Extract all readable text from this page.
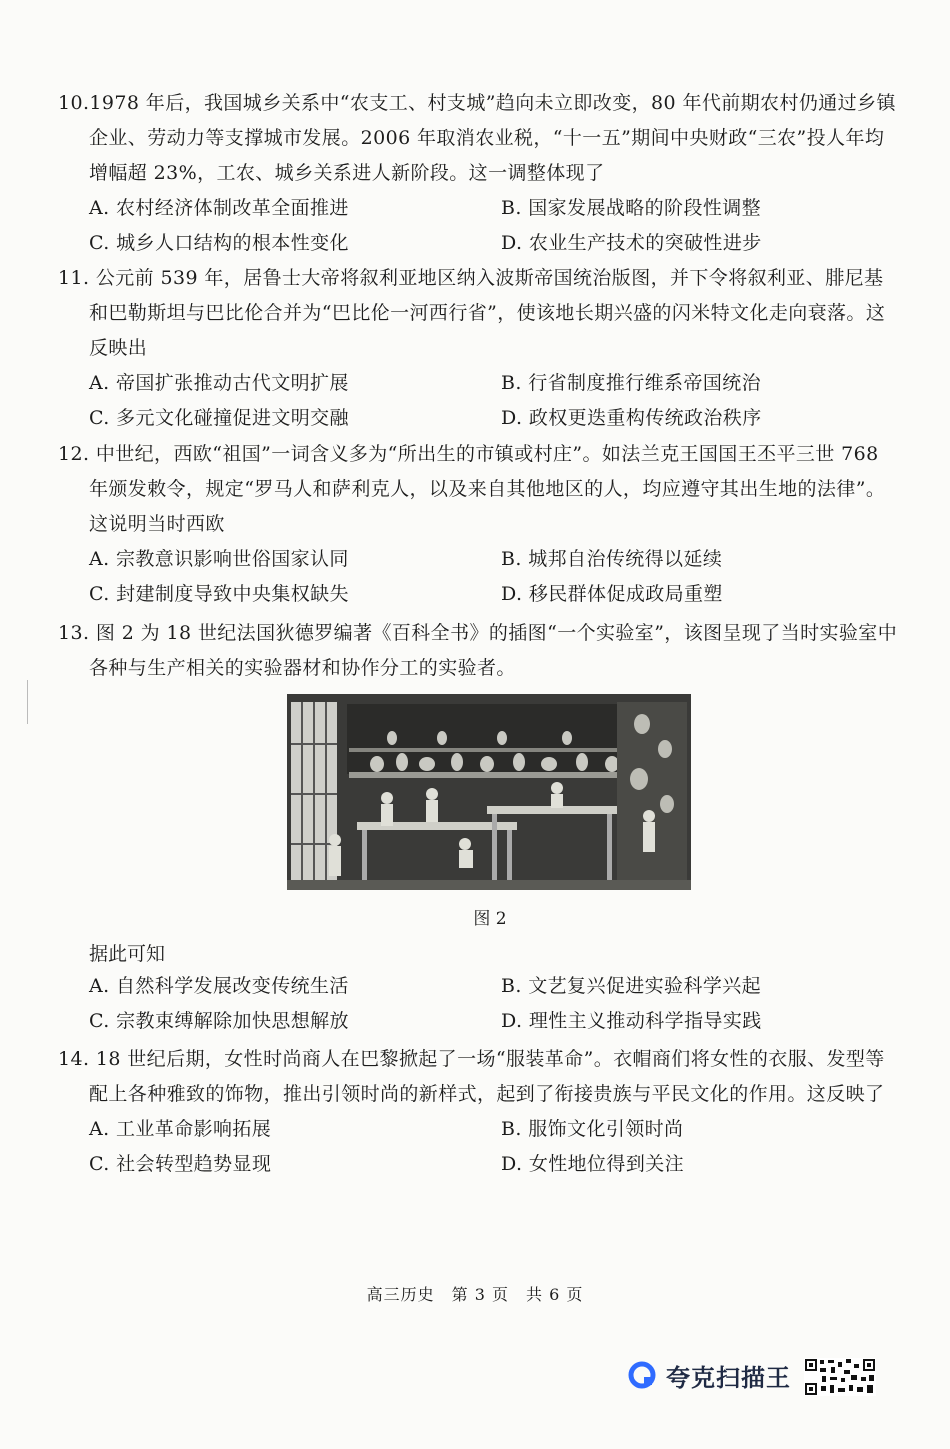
10.1978 年后，我国城乡关系中“农支工、村支城”趋向未立即改变，80 年代前期农村仍通过乡镇企业、劳动力等支撑城市发展。2006 年取消农业税，“十一五”期间中央财政“三农”投人年均增幅超 23%，工农、城乡关系进人新阶段。这一调整体现了

A. 农村经济体制改革全面推进	B. 国家发展战略的阶段性调整
C. 城乡人口结构的根本性变化	D. 农业生产技术的突破性进步

11. 公元前 539 年，居鲁士大帝将叙利亚地区纳入波斯帝国统治版图，并下令将叙利亚、腓尼基和巴勒斯坦与巴比伦合并为“巴比伦一河西行省”，使该地长期兴盛的闪米特文化走向衰落。这反映出

A. 帝国扩张推动古代文明扩展	B. 行省制度推行维系帝国统治
C. 多元文化碰撞促进文明交融	D. 政权更迭重构传统政治秩序

12. 中世纪，西欧“祖国”一词含义多为“所出生的市镇或村庄”。如法兰克王国国王丕平三世 768 年颁发敕令，规定“罗马人和萨利克人，以及来自其他地区的人，均应遵守其出生地的法律”。这说明当时西欧

A. 宗教意识影响世俗国家认同	B. 城邦自治传统得以延续
C. 封建制度导致中央集权缺失	D. 移民群体促成政局重塑

13. 图 2 为 18 世纪法国狄德罗编著《百科全书》的插图“一个实验室”，该图呈现了当时实验室中各种与生产相关的实验器材和协作分工的实验者。

图 2
据此可知
A. 自然科学发展改变传统生活	B. 文艺复兴促进实验科学兴起
C. 宗教束缚解除加快思想解放	D. 理性主义推动科学指导实践

14. 18 世纪后期，女性时尚商人在巴黎掀起了一场“服装革命”。衣帽商们将女性的衣服、发型等配上各种雅致的饰物，推出引领时尚的新样式，起到了衔接贵族与平民文化的作用。这反映了

A. 工业革命影响拓展	B. 服饰文化引领时尚
C. 社会转型趋势显现	D. 女性地位得到关注
高三历史　第 3 页　共 6 页
夸克扫描王
